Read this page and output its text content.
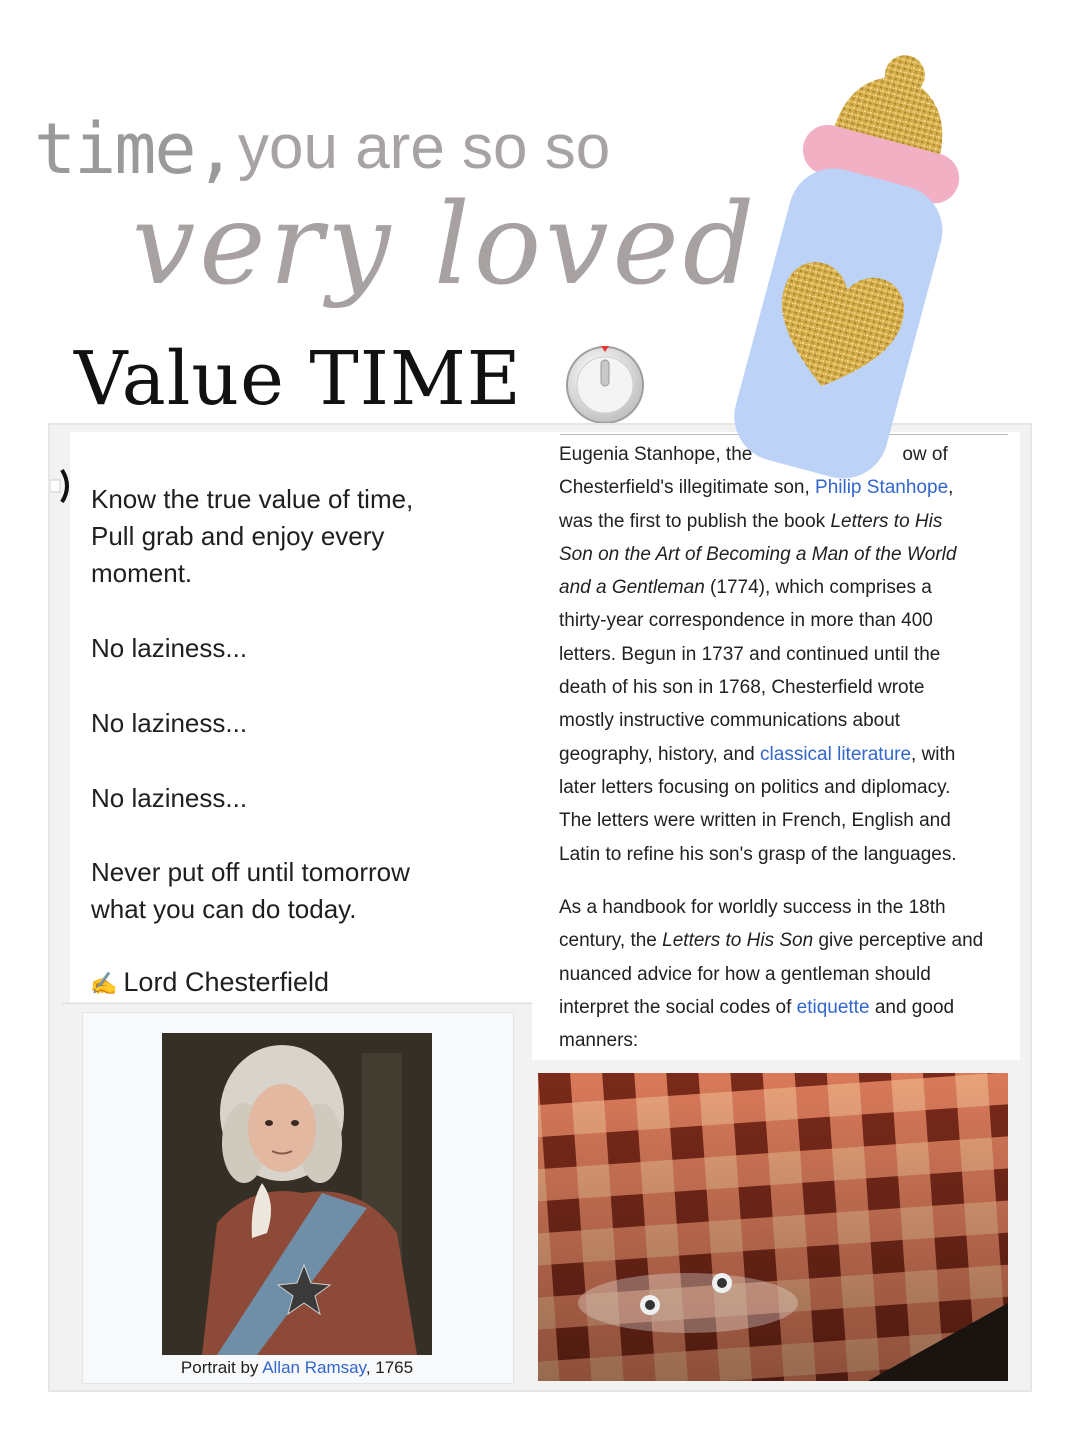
time, you are so so
very loved
Value TIME
Know the true value of time,
Pull grab and enjoy every
moment.
No laziness...
No laziness...
No laziness...
Never put off until tomorrow
what you can do today.
✍ Lord Chesterfield
Portrait by Allan Ramsay, 1765
Eugenia Stanhope, the	ow of
Chesterfield's illegitimate son, Philip Stanhope,
was the first to publish the book Letters to His
Son on the Art of Becoming a Man of the World
and a Gentleman (1774), which comprises a
thirty-year correspondence in more than 400
letters. Begun in 1737 and continued until the
death of his son in 1768, Chesterfield wrote
mostly instructive communications about
geography, history, and classical literature, with
later letters focusing on politics and diplomacy.
The letters were written in French, English and
Latin to refine his son's grasp of the languages.
As a handbook for worldly success in the 18th
century, the Letters to His Son give perceptive and
nuanced advice for how a gentleman should
interpret the social codes of etiquette and good
manners:
